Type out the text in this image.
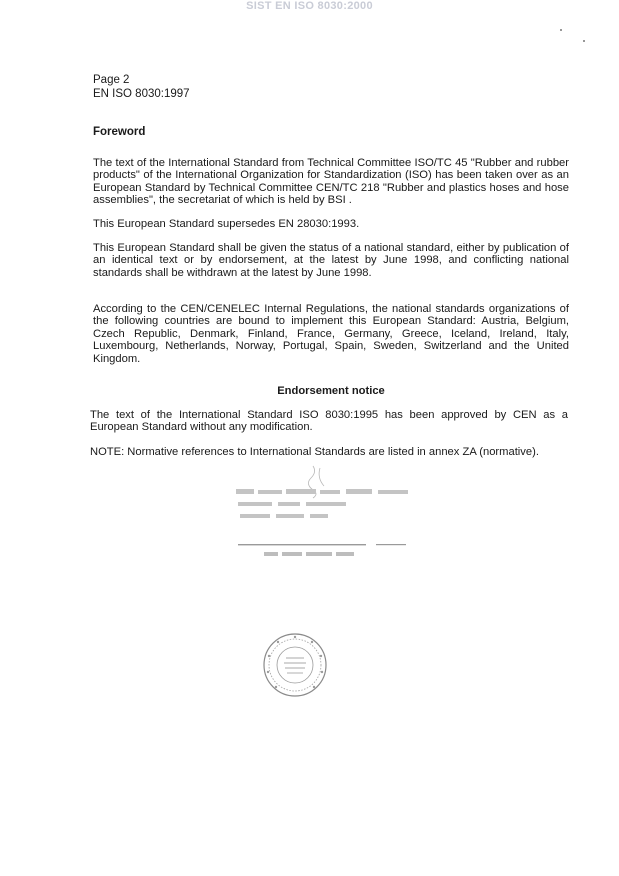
SIST EN ISO 8030:2000
Page 2
EN ISO 8030:1997
Foreword
The text of the International Standard from Technical Committee ISO/TC 45 "Rubber and rubber products" of the International Organization for Standardization (ISO) has been taken over as an European Standard by Technical Committee CEN/TC 218 "Rubber and plastics hoses and hose assemblies", the secretariat of which is held by BSI .
This European Standard supersedes EN 28030:1993.
This European Standard shall be given the status of a national standard, either by publication of an identical text or by endorsement, at the latest by June 1998, and conflicting national standards shall be withdrawn at the latest by June 1998.
According to the CEN/CENELEC Internal Regulations, the national standards organizations of the following countries are bound to implement this European Standard: Austria, Belgium, Czech Republic, Denmark, Finland, France, Germany, Greece, Iceland, Ireland, Italy, Luxembourg, Netherlands, Norway, Portugal, Spain, Sweden, Switzerland and the United Kingdom.
Endorsement notice
The text of the International Standard ISO 8030:1995 has been approved by CEN as a European Standard without any modification.
NOTE: Normative references to International Standards are listed in annex ZA (normative).
